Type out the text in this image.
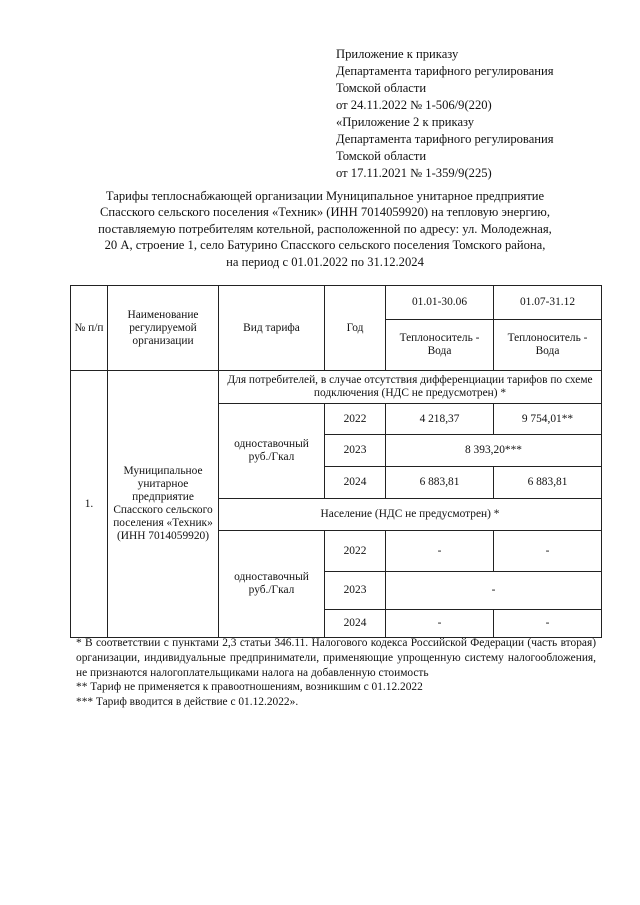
Приложение к приказу
Департамента тарифного регулирования
Томской области
от 24.11.2022 № 1-506/9(220)
«Приложение 2 к приказу
Департамента тарифного регулирования
Томской области
от 17.11.2021 № 1-359/9(225)
Тарифы теплоснабжающей организации Муниципальное унитарное предприятие
Спасского сельского поселения «Техник» (ИНН 7014059920) на тепловую энергию,
поставляемую потребителям котельной, расположенной по адресу: ул. Молодежная,
20 А, строение 1, село Батурино Спасского сельского поселения Томского района,
на период с 01.01.2022 по 31.12.2024
№ п/п	Наименование регулируемой организации	Вид тарифа	Год	01.01-30.06	01.07-31.12
				Теплоноситель - Вода	Теплоноситель - Вода
1.	Муниципальное унитарное предприятие Спасского сельского поселения «Техник» (ИНН 7014059920)	Для потребителей, в случае отсутствия дифференциации тарифов по схеме подключения (НДС не предусмотрен) *			
		одноставочный руб./Гкал	2022	4 218,37	9 754,01**
			2023	8 393,20***	
			2024	6 883,81	6 883,81
		Население (НДС не предусмотрен) *			
		одноставочный руб./Гкал	2022	-	-
			2023	-	
			2024	-	-

* В соответствии с пунктами 2,3 статьи 346.11. Налогового кодекса Российской Федерации (часть вторая) организации, индивидуальные предприниматели, применяющие упрощенную систему налогообложения, не признаются налогоплательщиками налога на добавленную стоимость

** Тариф не применяется к правоотношениям, возникшим с 01.12.2022

*** Тариф вводится в действие с 01.12.2022».
